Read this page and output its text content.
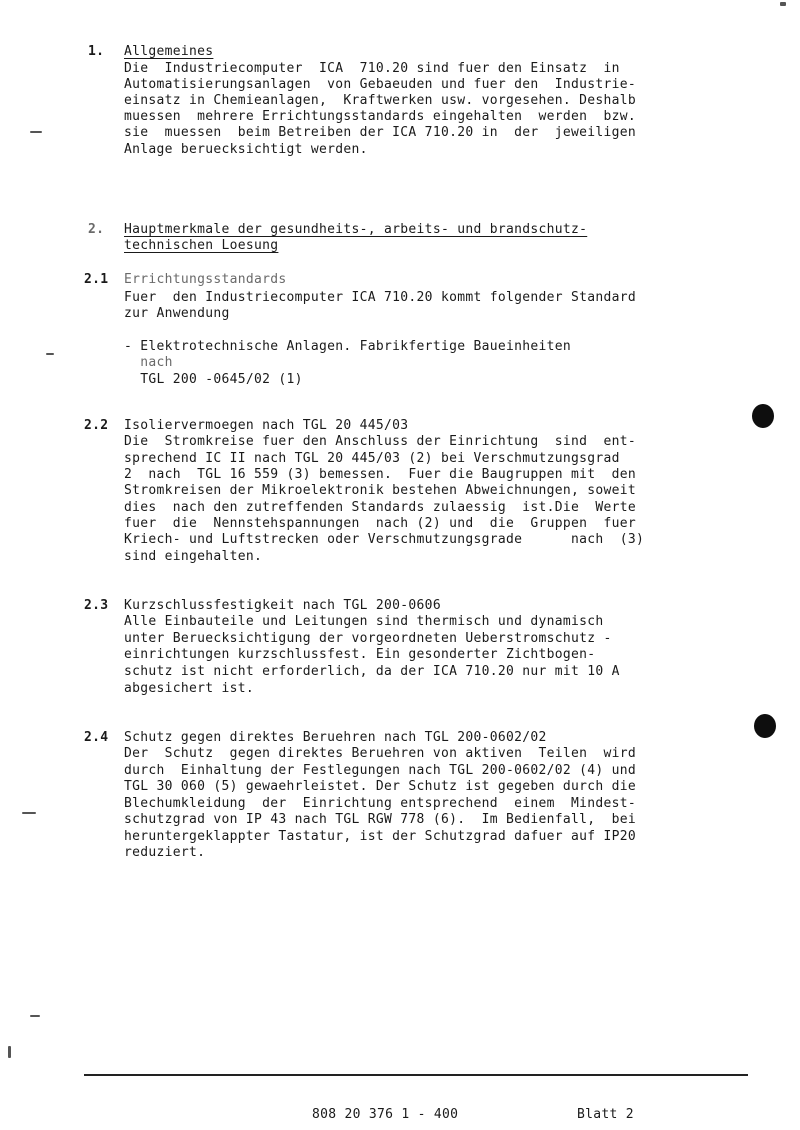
1. Allgemeines
Die  Industriecomputer  ICA  710.20 sind fuer den Einsatz  in
Automatisierungsanlagen  von Gebaeuden und fuer den  Industrie-
einsatz in Chemieanlagen,  Kraftwerken usw. vorgesehen. Deshalb
muessen  mehrere Errichtungsstandards eingehalten  werden  bzw.
sie  muessen  beim Betreiben der ICA 710.20 in  der  jeweiligen
Anlage beruecksichtigt werden.
2. Hauptmerkmale der gesundheits-, arbeits- und brandschutz-
technischen Loesung
2.1 Errichtungsstandards
Fuer  den Industriecomputer ICA 710.20 kommt folgender Standard
zur Anwendung
- Elektrotechnische Anlagen. Fabrikfertige Baueinheiten
nach
TGL 200 -0645/02 (1)
2.2 Isoliervermoegen nach TGL 20 445/03
Die  Stromkreise fuer den Anschluss der Einrichtung  sind  ent-
sprechend IC II nach TGL 20 445/03 (2) bei Verschmutzungsgrad
2  nach  TGL 16 559 (3) bemessen.  Fuer die Baugruppen mit  den
Stromkreisen der Mikroelektronik bestehen Abweichnungen, soweit
dies  nach den zutreffenden Standards zulaessig  ist.Die  Werte
fuer  die  Nennstehspannungen  nach (2) und  die  Gruppen  fuer
Kriech- und Luftstrecken oder Verschmutzungsgrade      nach  (3)
sind eingehalten.
2.3 Kurzschlussfestigkeit nach TGL 200-0606
Alle Einbauteile und Leitungen sind thermisch und dynamisch
unter Beruecksichtigung der vorgeordneten Ueberstromschutz -
einrichtungen kurzschlussfest. Ein gesonderter Zichtbogen-
schutz ist nicht erforderlich, da der ICA 710.20 nur mit 10 A
abgesichert ist.
2.4 Schutz gegen direktes Beruehren nach TGL 200-0602/02
Der  Schutz  gegen direktes Beruehren von aktiven  Teilen  wird
durch  Einhaltung der Festlegungen nach TGL 200-0602/02 (4) und
TGL 30 060 (5) gewaehrleistet. Der Schutz ist gegeben durch die
Blechumkleidung  der  Einrichtung entsprechend  einem  Mindest-
schutzgrad von IP 43 nach TGL RGW 778 (6).  Im Bedienfall,  bei
heruntergeklappter Tastatur, ist der Schutzgrad dafuer auf IP20
reduziert.
808 20 376 1 - 400	Blatt 2
